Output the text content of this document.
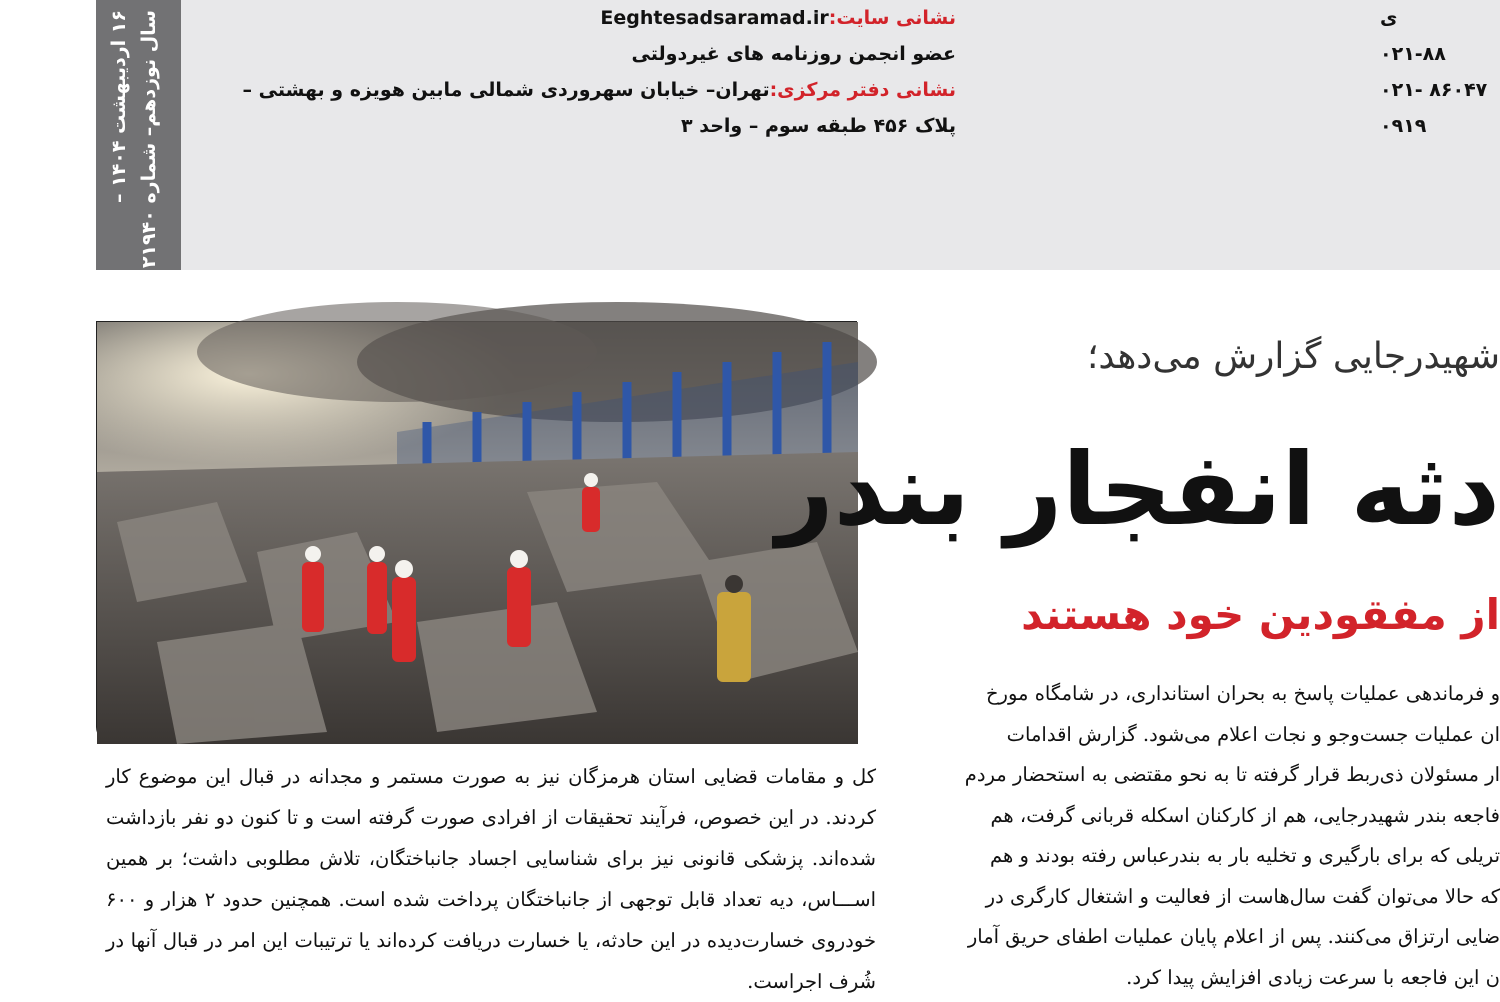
۱۶ اردیبهشت ۱۴۰۴ –
سال نوزدهم– شماره ۲۱۹۴۰	نشانی سایت:Eeghtesadsaramad.ir
عضو انجمن روزنامه های غیردولتی
نشانی دفتر مرکزی:تهران– خیابان سهروردی شمالی مابین هویزه و بهشتی –
پلاک ۴۵۶ طبقه سوم – واحد ۳
ی
۰۲۱-۸۸
۰۲۱- ۸۶۰۴۷
۰۹۱۹

کل و مقامات قضایی استان هرمزگان نیز به صورت مستمر و مجدانه در قبال این موضوع کار کردند. در این خصوص، فرآیند تحقیقات از افرادی صورت گرفته است و تا کنون دو نفر بازداشت شده‌اند. پزشکی قانونی نیز برای شناسایی اجساد جانباختگان، تلاش مطلوبی داشت؛ بر همین اســـاس، دیه تعداد قابل توجهی از جانباختگان پرداخت شده است. همچنین حدود ۲ هزار و ۶۰۰ خودروی خسارت‌دیده در این حادثه، یا خسارت دریافت کرده‌اند یا ترتیبات این امر در قبال آنها در شُرف اجراست.

شهیدرجایی گزارش می‌دهد؛
دثه انفجار بندر
از مفقودین خود هستند
و فرماندهی عملیات پاسخ به بحران استانداری، در شامگاه مورخ
ان عملیات جست‌وجو و نجات اعلام می‌شود. گزارش اقدامات
ار مسئولان ذی‌ربط قرار گرفته تا به نحو مقتضی به استحضار مردم
فاجعه بندر شهیدرجایی، هم از کارکنان اسکله قربانی گرفت، هم
تریلی که برای بارگیری و تخلیه بار به بندرعباس رفته بودند و هم
که حالا می‌توان گفت سال‌هاست از فعالیت و اشتغال کارگری در
ضایی ارتزاق می‌کنند. پس از اعلام پایان عملیات اطفای حریق آمار
ن این فاجعه با سرعت زیادی افزایش پیدا کرد.
